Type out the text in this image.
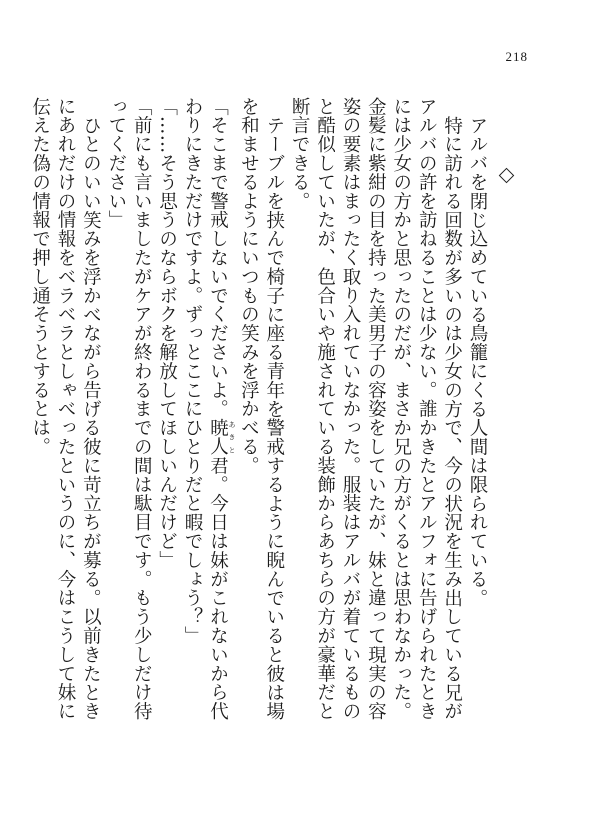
218

アルバを閉じ込めている鳥籠にくる人間は限られている。

特に訪れる回数が多いのは少女の方で、今の状況を生み出している兄がアルバの許を訪ねることは少ない。誰かきたとアルフォに告げられたときには少女の方かと思ったのだが、まさか兄の方がくるとは思わなかった。金髪に紫紺の目を持った美男子の容姿をしていたが、妹と違って現実の容姿の要素はまったく取り入れていなかった。服装はアルバが着ているものと酷似していたが、色合いや施されている装飾からあちらの方が豪華だと断言できる。

テーブルを挟んで椅子に座る青年を警戒するように睨んでいると彼は場を和ませるようにいつもの笑みを浮かべる。

「そこまで警戒しないでくださいよ。暁人 あきと君。今日は妹がこれないから代わりにきただけですよ。ずっとここにひとりだと暇でしょう？」

「……そう思うのならボクを解放してほしいんだけど」

「前にも言いましたがケアが終わるまでの間は駄目です。もう少しだけ待ってください」

ひとのいい笑みを浮かべながら告げる彼に苛立ちが募る。以前きたときにあれだけの情報をベラベラとしゃべったというのに、今はこうして妹に伝えた偽の情報で押し通そうとするとは。
